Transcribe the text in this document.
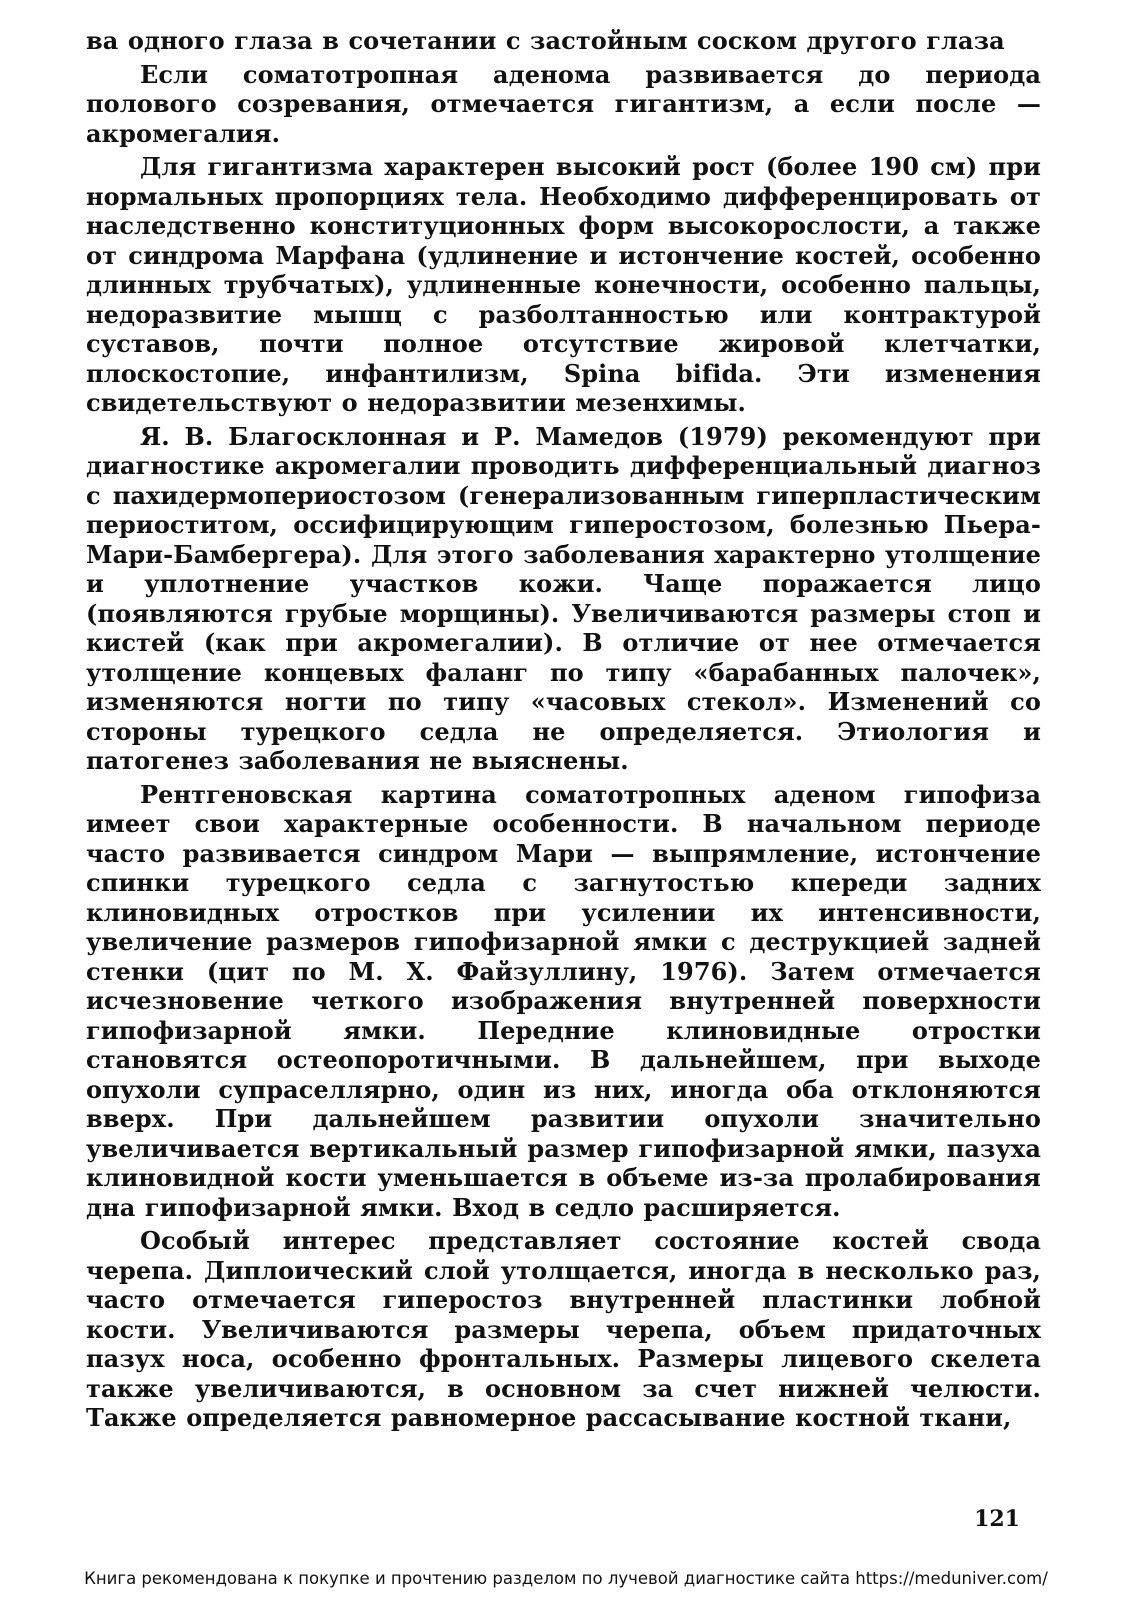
ва одного глаза в сочетании с застойным соском другого глаза

Если соматотропная аденома развивается до периода полового созревания, отмечается гигантизм, а если после — акромегалия.

Для гигантизма характерен высокий рост (более 190 см) при нормальных пропорциях тела. Необходимо дифференцировать от наследственно конституционных форм высокорослости, а также от синдрома Марфана (удлинение и истончение костей, особенно длинных трубчатых), удлиненные конечности, особенно пальцы, недоразвитие мышц с разболтанностью или контрактурой суставов, почти полное отсутствие жировой клетчатки, плоскостопие, инфантилизм, Spina bifida. Эти изменения свидетельствуют о недоразвитии мезенхимы.

Я. В. Благосклонная и Р. Мамедов (1979) рекомендуют при диагностике акромегалии проводить дифференциальный диагноз с пахидермопериостозом (генерализованным гиперпластическим периоститом, оссифицирующим гиперостозом, болезнью Пьера-Мари-Бамбергера). Для этого заболевания характерно утолщение и уплотнение участков кожи. Чаще поражается лицо (появляются грубые морщины). Увеличиваются размеры стоп и кистей (как при акромегалии). В отличие от нее отмечается утолщение концевых фаланг по типу «барабанных палочек», изменяются ногти по типу «часовых стекол». Изменений со стороны турецкого седла не определяется. Этиология и патогенез заболевания не выяснены.

Рентгеновская картина соматотропных аденом гипофиза имеет свои характерные особенности. В начальном периоде часто развивается синдром Мари — выпрямление, истончение спинки турецкого седла с загнутостью кпереди задних клиновидных отростков при усилении их интенсивности, увеличение размеров гипофизарной ямки с деструкцией задней стенки (цит по М. Х. Файзуллину, 1976). Затем отмечается исчезновение четкого изображения внутренней поверхности гипофизарной ямки. Передние клиновидные отростки становятся остеопоротичными. В дальнейшем, при выходе опухоли супраселлярно, один из них, иногда оба отклоняются вверх. При дальнейшем развитии опухоли значительно увеличивается вертикальный размер гипофизарной ямки, пазуха клиновидной кости уменьшается в объеме из-за пролабирования дна гипофизарной ямки. Вход в седло расширяется.

Особый интерес представляет состояние костей свода черепа. Диплоический слой утолщается, иногда в несколько раз, часто отмечается гиперостоз внутренней пластинки лобной кости. Увеличиваются размеры черепа, объем придаточных пазух носа, особенно фронтальных. Размеры лицевого скелета также увеличиваются, в основном за счет нижней челюсти. Также определяется равномерное рассасывание костной ткани,

121
Книга рекомендована к покупке и прочтению разделом по лучевой диагностике сайта https://meduniver.com/
